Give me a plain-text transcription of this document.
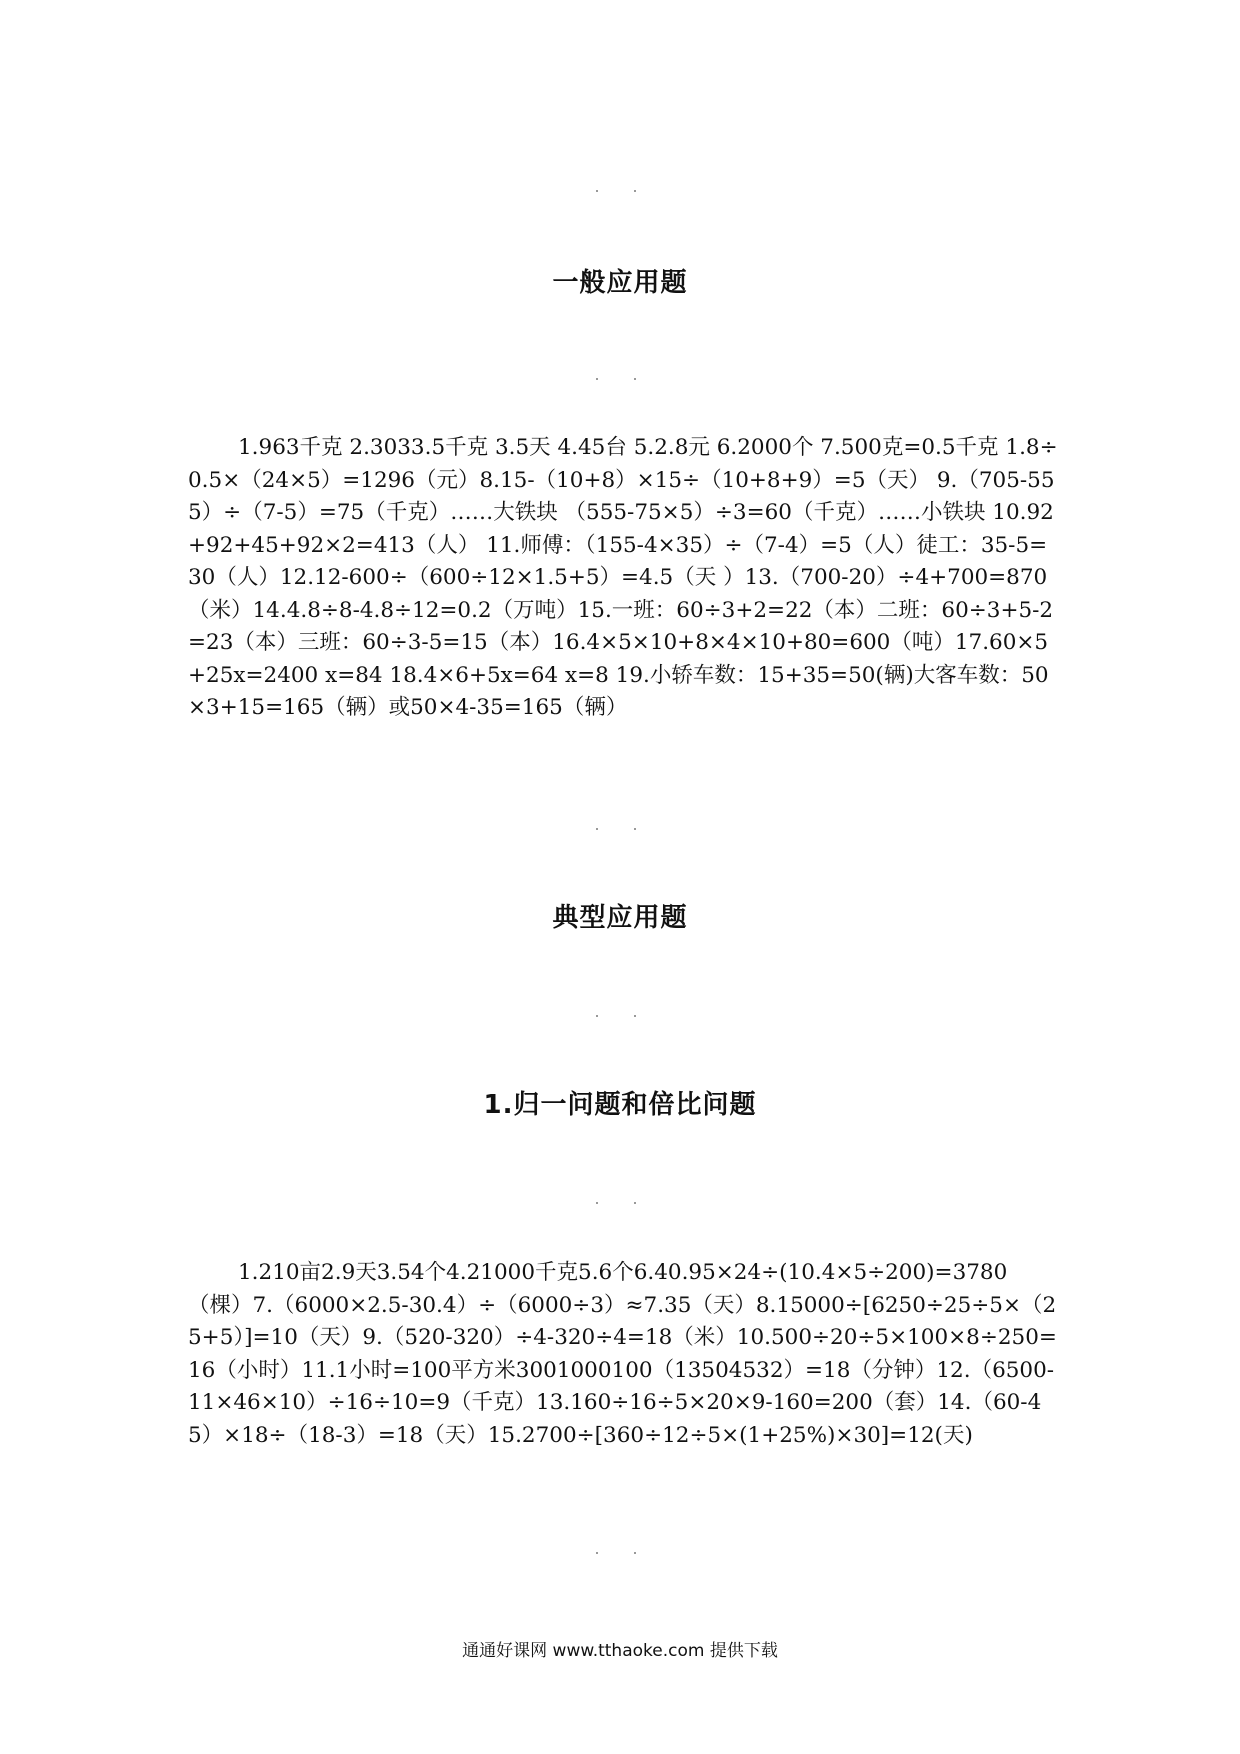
一般应用题

1.963千克 2.3033.5千克 3.5天 4.45台 5.2.8元 6.2000个 7.500克=0.5千克 1.8÷0.5×（24×5）=1296（元）8.15-（10+8）×15÷（10+8+9）=5（天） 9.（705-555）÷（7-5）=75（千克）……大铁块 （555-75×5）÷3=60（千克）……小铁块 10.92+92+45+92×2=413（人） 11.师傅：（155-4×35）÷（7-4）=5（人）徒工：35-5=30（人）12.12-600÷（600÷12×1.5+5）=4.5（天 ）13.（700-20）÷4+700=870（米）14.4.8÷8-4.8÷12=0.2（万吨）15.一班：60÷3+2=22（本）二班：60÷3+5-2=23（本）三班：60÷3-5=15（本）16.4×5×10+8×4×10+80=600（吨）17.60×5+25x=2400 x=84 18.4×6+5x=64 x=8 19.小轿车数：15+35=50(辆)大客车数：50×3+15=165（辆）或50×4-35=165（辆）

典型应用题
1.归一问题和倍比问题

1.210亩2.9天3.54个4.21000千克5.6个6.40.95×24÷(10.4×5÷200)=3780（棵）7.（6000×2.5-30.4）÷（6000÷3）≈7.35（天）8.15000÷[6250÷25÷5×（25+5）]=10（天）9.（520-320）÷4-320÷4=18（米）10.500÷20÷5×100×8÷250=16（小时）11.1小时=100平方米3001000100（13504532）=18（分钟）12.（6500-11×46×10）÷16÷10=9（千克）13.160÷16÷5×20×9-160=200（套）14.（60-45）×18÷（18-3）=18（天）15.2700÷[360÷12÷5×(1+25%)×30]=12(天)

通通好课网 www.tthaoke.com 提供下载
